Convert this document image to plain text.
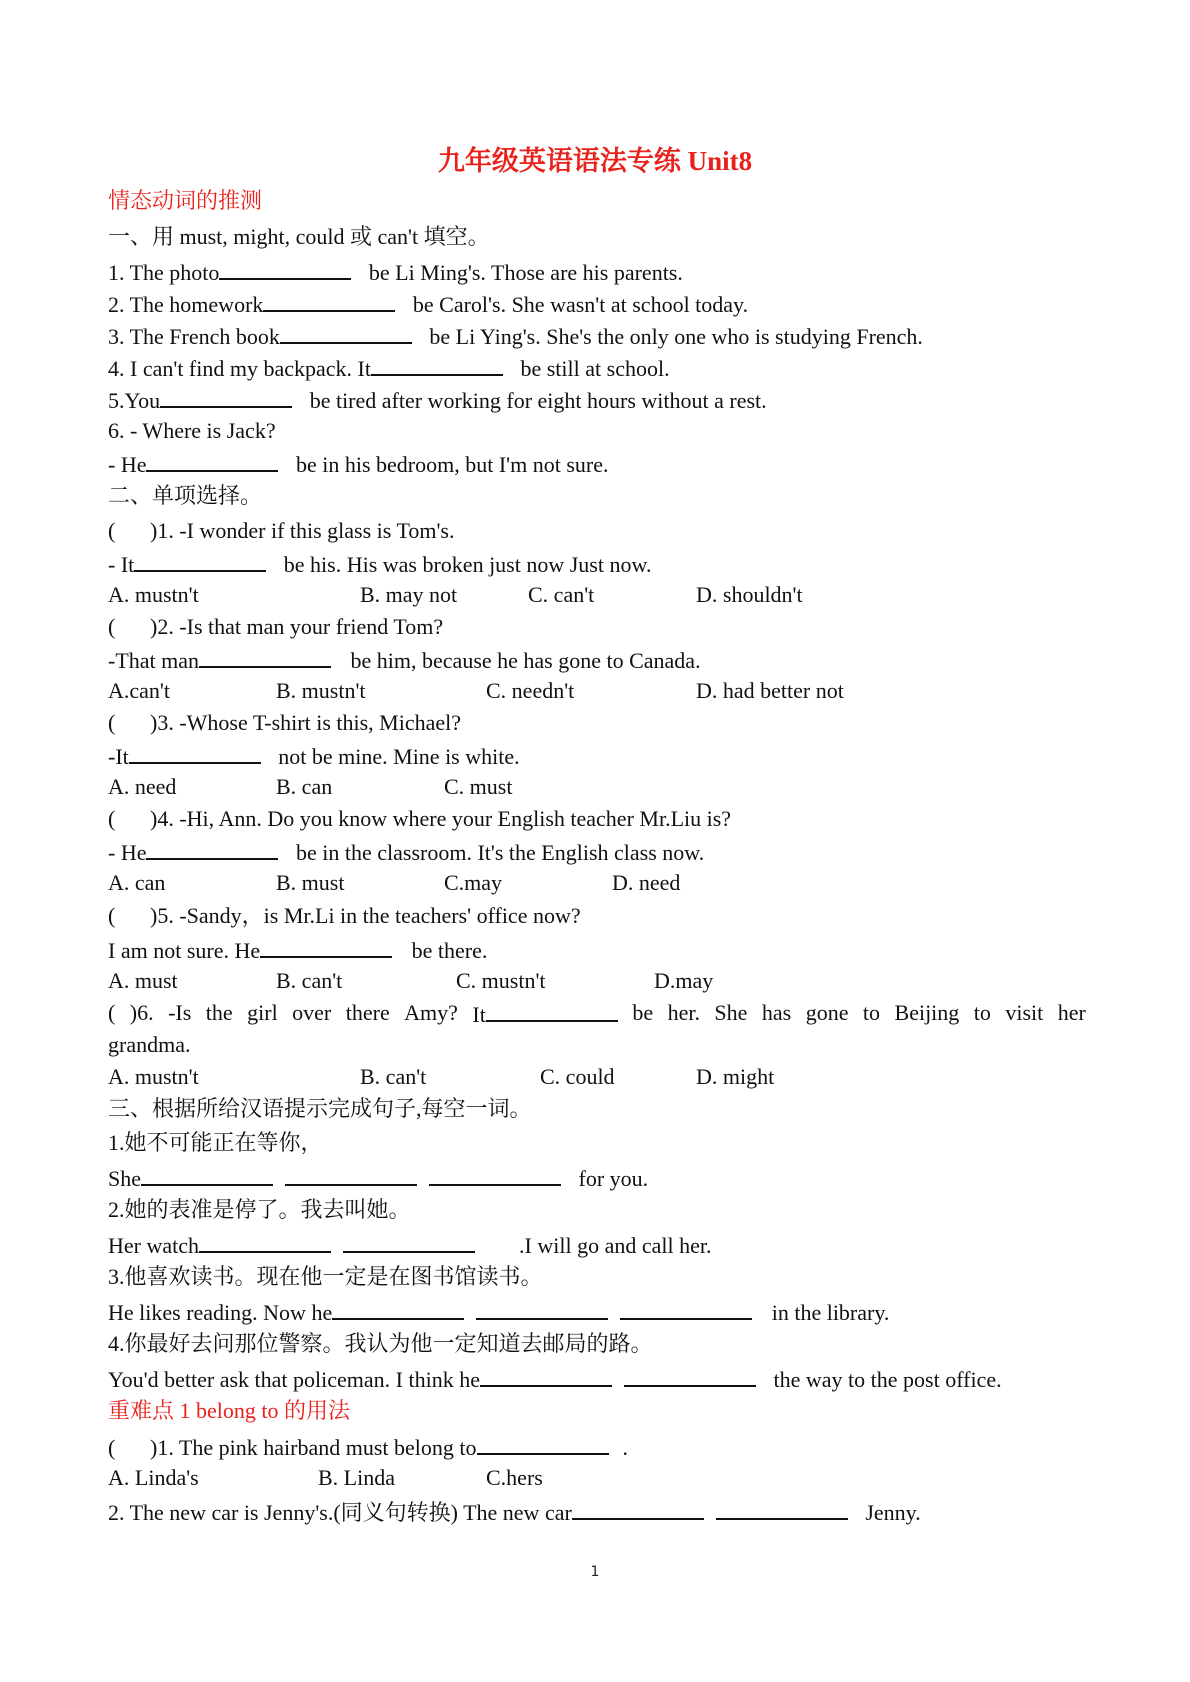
九年级英语语法专练 Unit8
情态动词的推测
一、用 must, might, could 或 can't 填空。
1. The photo	be Li Ming's. Those are his parents.
2. The homework	be Carol's. She wasn't at school today.
3. The French book	be Li Ying's. She's the only one who is studying French.
4. I can't find my backpack. It	be still at school.
5.You	be tired after working for eight hours without a rest.
6. - Where is Jack?
- He	be in his bedroom, but I'm not sure.
二、单项选择。
( )1. -I wonder if this glass is Tom's.
- It	be his. His was broken just now Just now.
A. mustn't	B. may not	C. can't	D. shouldn't
( )2. -Is that man your friend Tom?
-That man	be him, because he has gone to Canada.
A.can't	B. mustn't	C. needn't	D. had better not
( )3. -Whose T-shirt is this, Michael?
-It	not be mine. Mine is white.
A. need	B. can	C. must
( )4. -Hi, Ann. Do you know where your English teacher Mr.Liu is?
- He	be in the classroom. It's the English class now.
A. can	B. must	C.may	D. need
( )5. -Sandy，is Mr.Li in the teachers' office now?
I am not sure. He	be there.
A. must	B. can't	C. mustn't	D.may
( )6. -Is the girl over there Amy? It	be her. She has gone to Beijing to visit her
grandma.
A. mustn't	B. can't	C. could	D. might
三、根据所给汉语提示完成句子,每空一词。
1.她不可能正在等你，
She	for you.
2.她的表准是停了。我去叫她。
Her watch	.I will go and call her.
3.他喜欢读书。现在他一定是在图书馆读书。
He likes reading. Now he	in the library.
4.你最好去问那位警察。我认为他一定知道去邮局的路。
You'd better ask that policeman. I think he	the way to the post office.
重难点 1 belong to 的用法
( )1. The pink hairband must belong to	.
A. Linda's	B. Linda	C.hers
2. The new car is Jenny's.(同义句转换) The new car	Jenny.
1
